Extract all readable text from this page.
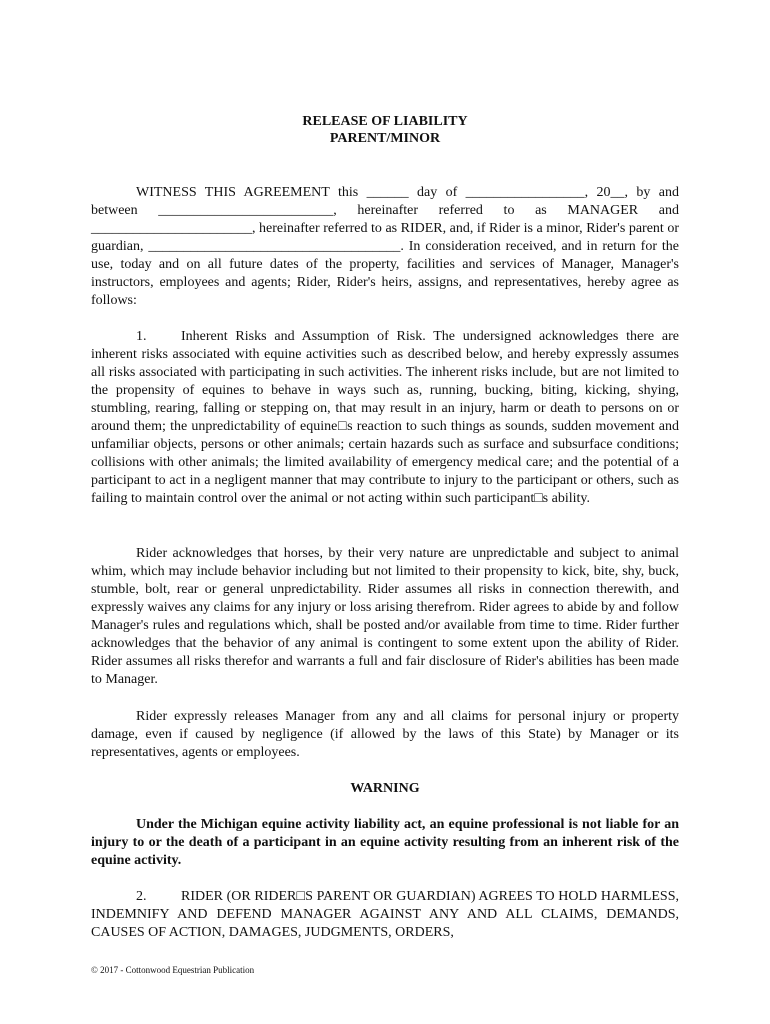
RELEASE OF LIABILITY
PARENT/MINOR

WITNESS THIS AGREEMENT this ______ day of _________________, 20__, by and between _________________________, hereinafter referred to as MANAGER and _______________________, hereinafter referred to as RIDER, and, if Rider is a minor, Rider's parent or guardian, ____________________________________. In consideration received, and in return for the use, today and on all future dates of the property, facilities and services of Manager, Manager's instructors, employees and agents; Rider, Rider's heirs, assigns, and representatives, hereby agree as follows:

1. Inherent Risks and Assumption of Risk. The undersigned acknowledges there are inherent risks associated with equine activities such as described below, and hereby expressly assumes all risks associated with participating in such activities. The inherent risks include, but are not limited to the propensity of equines to behave in ways such as, running, bucking, biting, kicking, shying, stumbling, rearing, falling or stepping on, that may result in an injury, harm or death to persons on or around them; the unpredictability of equine□s reaction to such things as sounds, sudden movement and unfamiliar objects, persons or other animals; certain hazards such as surface and subsurface conditions; collisions with other animals; the limited availability of emergency medical care; and the potential of a participant to act in a negligent manner that may contribute to injury to the participant or others, such as failing to maintain control over the animal or not acting within such participant□s ability.

Rider acknowledges that horses, by their very nature are unpredictable and subject to animal whim, which may include behavior including but not limited to their propensity to kick, bite, shy, buck, stumble, bolt, rear or general unpredictability. Rider assumes all risks in connection therewith, and expressly waives any claims for any injury or loss arising therefrom. Rider agrees to abide by and follow Manager's rules and regulations which, shall be posted and/or available from time to time. Rider further acknowledges that the behavior of any animal is contingent to some extent upon the ability of Rider. Rider assumes all risks therefor and warrants a full and fair disclosure of Rider's abilities has been made to Manager.

Rider expressly releases Manager from any and all claims for personal injury or property damage, even if caused by negligence (if allowed by the laws of this State) by Manager or its representatives, agents or employees.

WARNING

Under the Michigan equine activity liability act, an equine professional is not liable for an injury to or the death of a participant in an equine activity resulting from an inherent risk of the equine activity.

2. RIDER (OR RIDER□S PARENT OR GUARDIAN) AGREES TO HOLD HARMLESS, INDEMNIFY AND DEFEND MANAGER AGAINST ANY AND ALL CLAIMS, DEMANDS, CAUSES OF ACTION, DAMAGES, JUDGMENTS, ORDERS,

© 2017 - Cottonwood Equestrian Publication
